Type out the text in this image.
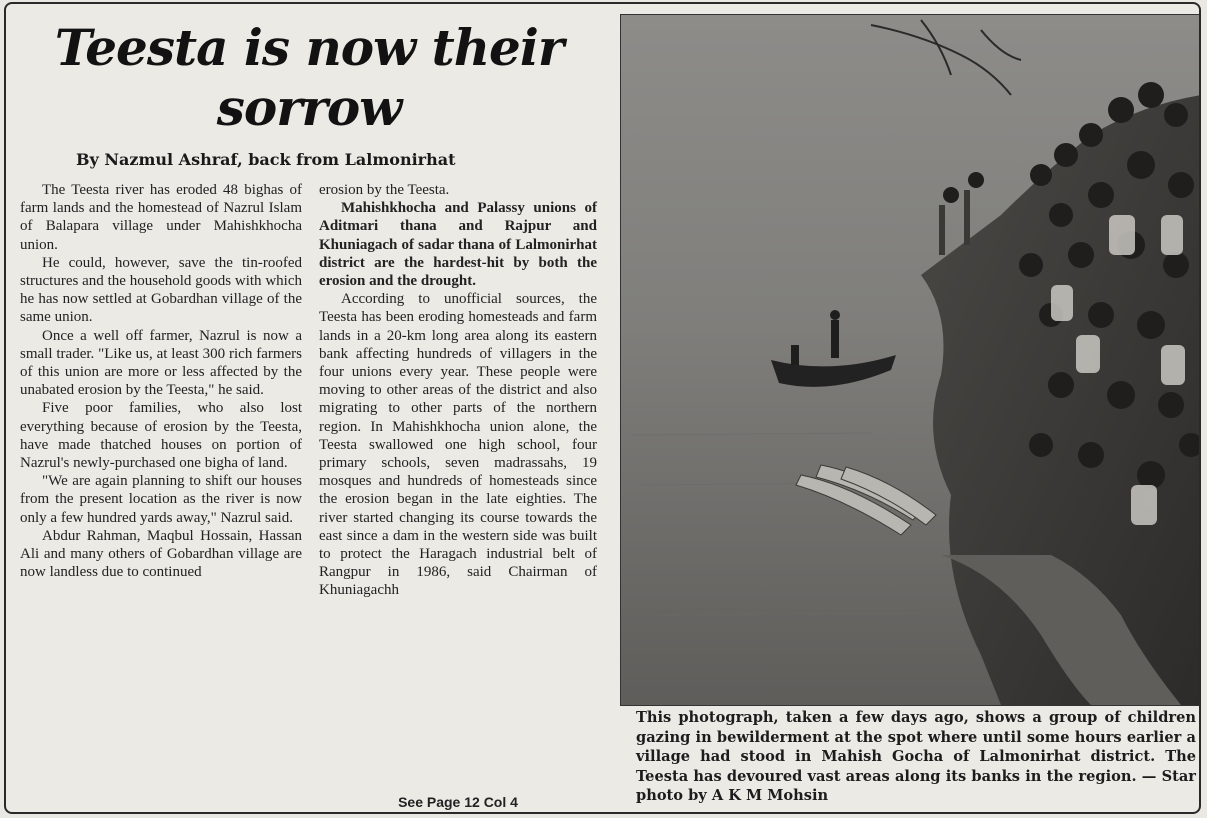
Teesta is now their
sorrow
By Nazmul Ashraf, back from Lalmonirhat

The Teesta river has eroded 48 bighas of farm lands and the homestead of Nazrul Islam of Balapara village under Mahishkhocha union.

He could, however, save the tin-roofed structures and the household goods with which he has now settled at Gobardhan village of the same union.

Once a well off farmer, Nazrul is now a small trader. "Like us, at least 300 rich farmers of this union are more or less affected by the unabated erosion by the Teesta," he said.

Five poor families, who also lost everything because of erosion by the Teesta, have made thatched houses on portion of Nazrul's newly-purchased one bigha of land.

"We are again planning to shift our houses from the present location as the river is now only a few hundred yards away," Nazrul said.

Abdur Rahman, Maqbul Hossain, Hassan Ali and many others of Gobardhan village are now landless due to continued

erosion by the Teesta.

Mahishkhocha and Palassy unions of Aditmari thana and Rajpur and Khuniagach of sadar thana of Lalmonirhat district are the hardest-hit by both the erosion and the drought.

According to unofficial sources, the Teesta has been eroding homesteads and farm lands in a 20-km long area along its eastern bank affecting hundreds of villagers in the four unions every year. These people were moving to other areas of the district and also migrating to other parts of the northern region. In Mahishkhocha union alone, the Teesta swallowed one high school, four primary schools, seven madrassahs, 19 mosques and hundreds of homesteads since the erosion began in the late eighties. The river started changing its course towards the east since a dam in the western side was built to protect the Haragach industrial belt of Rangpur in 1986, said Chairman of Khuniagachh

See Page 12 Col 4
This photograph, taken a few days ago, shows a group of children gazing in bewilderment at the spot where until some hours earlier a village had stood in Mahish Gocha of Lalmonirhat district. The Teesta has devoured vast areas along its banks in the region. — Star photo by A K M Mohsin
